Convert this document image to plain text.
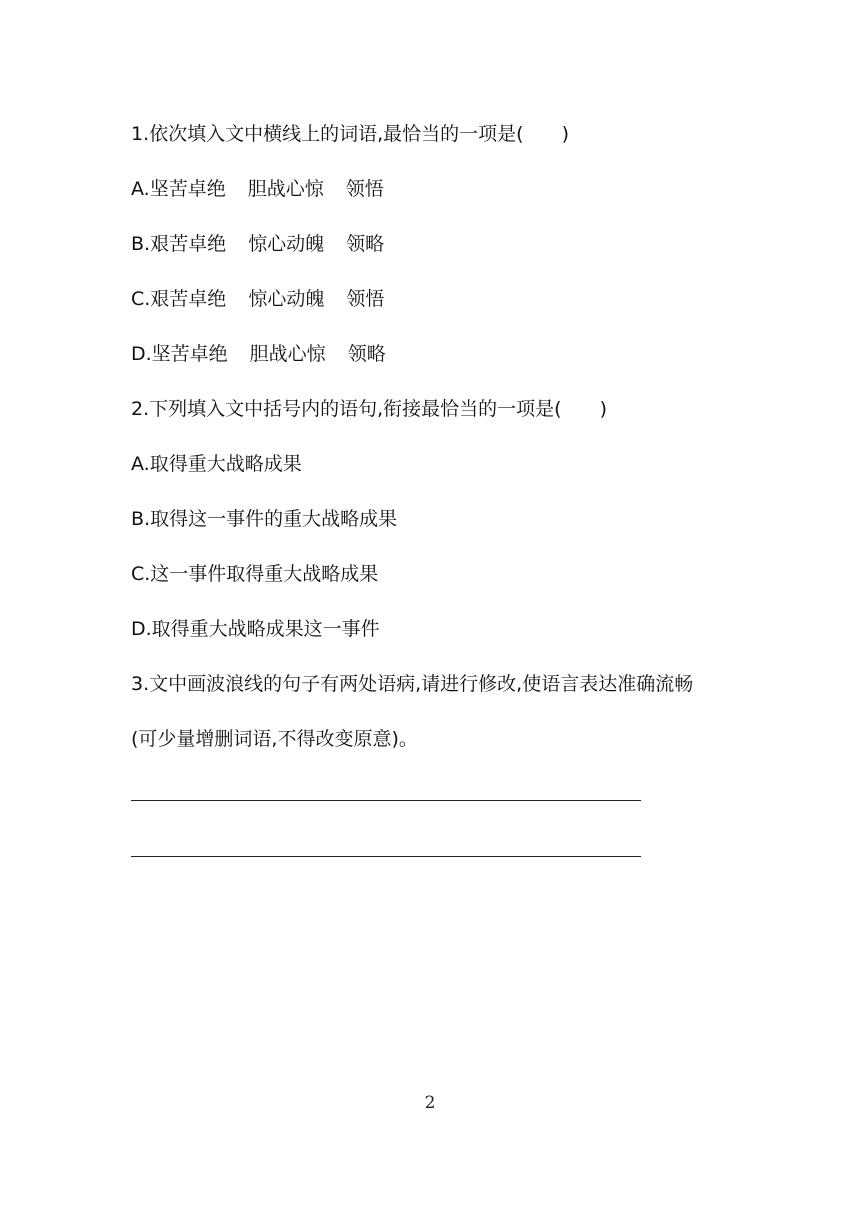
1.依次填入文中横线上的词语,最恰当的一项是(　　)

A.坚苦卓绝 胆战心惊 领悟

B.艰苦卓绝 惊心动魄 领略

C.艰苦卓绝 惊心动魄 领悟

D.坚苦卓绝 胆战心惊 领略

2.下列填入文中括号内的语句,衔接最恰当的一项是(　　)

A.取得重大战略成果

B.取得这一事件的重大战略成果

C.这一事件取得重大战略成果

D.取得重大战略成果这一事件

3.文中画波浪线的句子有两处语病,请进行修改,使语言表达准确流畅

(可少量增删词语,不得改变原意)。

2
